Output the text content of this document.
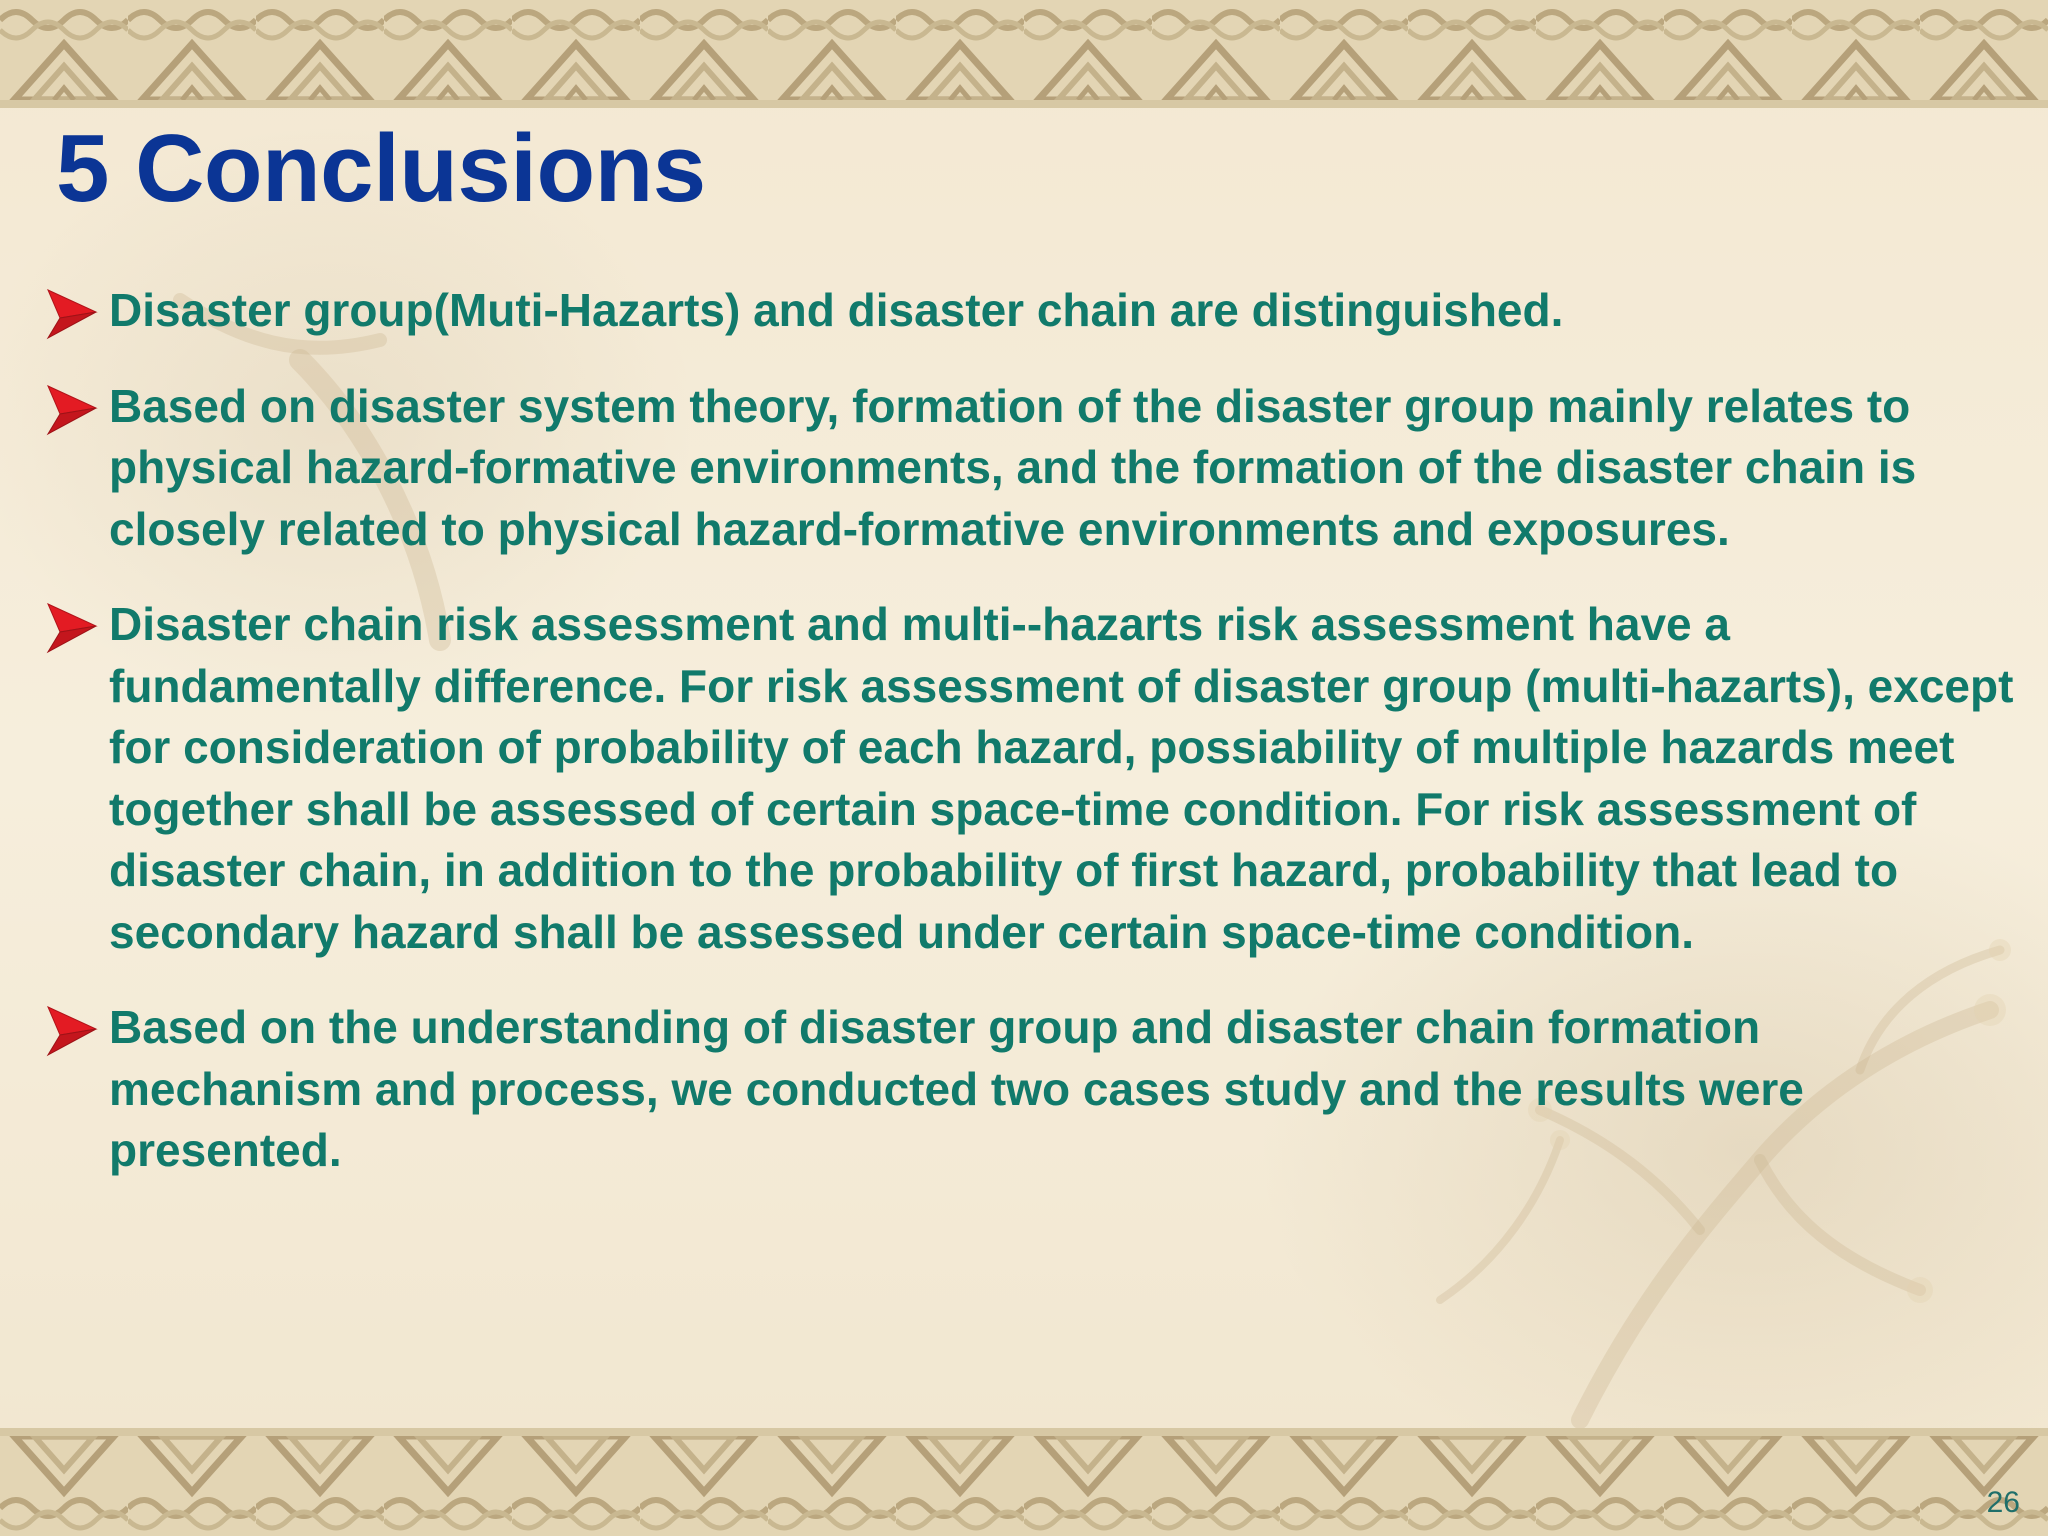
5 Conclusions
Disaster group(Muti-Hazarts) and disaster chain are distinguished.
Based on disaster system theory, formation of the disaster group mainly relates to physical hazard-formative environments, and the formation of the disaster chain is closely related to physical hazard-formative environments and exposures.
Disaster chain risk assessment and multi--hazarts risk assessment have a fundamentally difference. For risk assessment of disaster group (multi-hazarts), except for consideration of probability of each hazard, possiability of multiple hazards meet together shall be assessed of certain space-time condition. For risk assessment of disaster chain, in addition to the probability of first hazard, probability that lead to secondary hazard shall be assessed under certain space-time condition.
Based on the understanding of disaster group and disaster chain formation mechanism and process, we conducted two cases study and the results were presented.
26
